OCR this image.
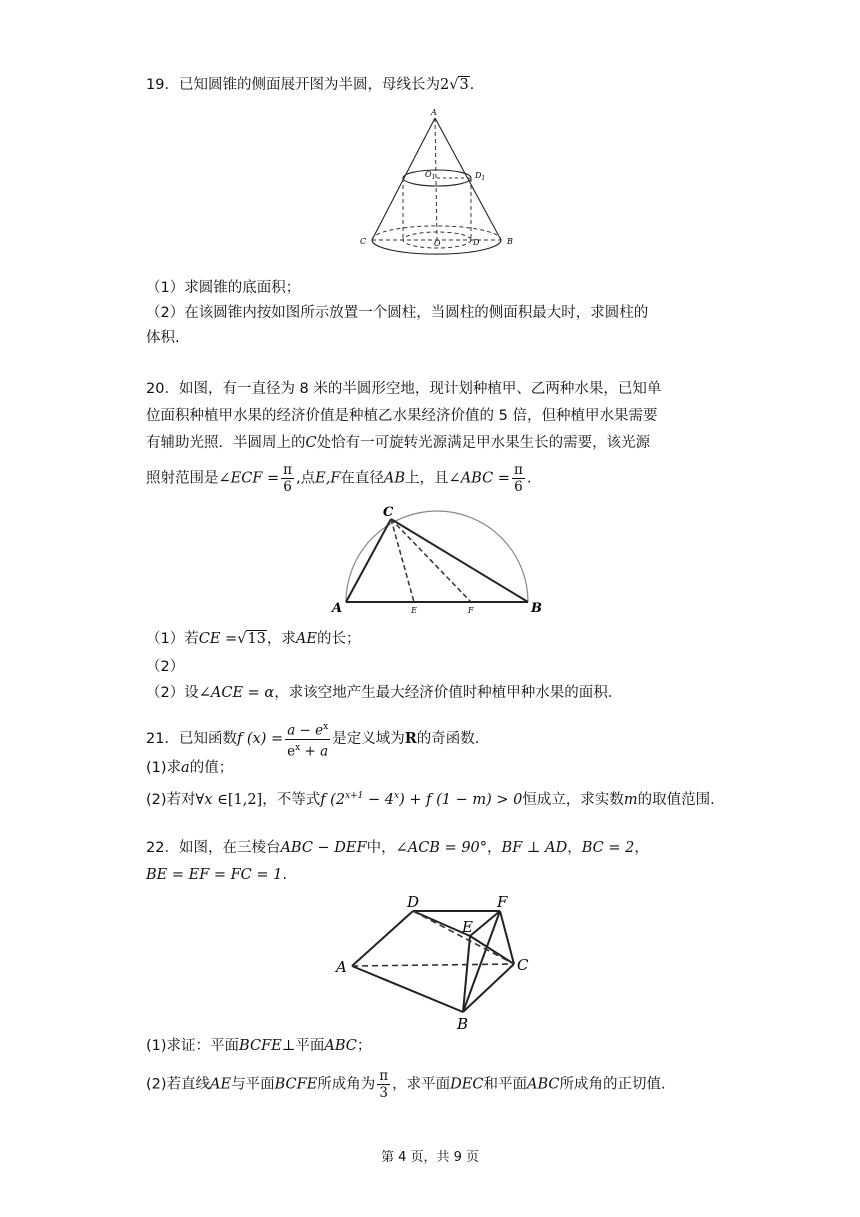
19．已知圆锥的侧面展开图为半圆，母线长为2√3.
A
$O_1$	$D_1$
C	O	D	B
（1）求圆锥的底面积；
（2）在该圆锥内按如图所示放置一个圆柱，当圆柱的侧面积最大时，求圆柱的
体积.
20．如图，有一直径为 8 米的半圆形空地，现计划种植甲、乙两种水果，已知单
位面积种植甲水果的经济价值是种植乙水果经济价值的 5 倍，但种植甲水果需要
有辅助光照．半圆周上的C处恰有一可旋转光源满足甲水果生长的需要，该光源
照射范围是∠ECF = $\frac{\pi}{6}$ ,点E,F在直径AB上，且∠ABC = $\frac{\pi}{6}$ .
C
A	E	F	B
（1）若CE =√13，求AE的长；
（2）
（2）设∠ACE = α，求该空地产生最大经济价值时种植甲种水果的面积．
21．已知函数f $(x) = \frac{a - e^x}{e^x + a}$ 是定义域为R的奇函数.
(1)求a的值；
(2)若对∀x ∈[1,2]，不等式f $(2^{x+1} - 4^x) + f$ (1 − m) > 0恒成立，求实数m的取值范围.
22．如图，在三棱台ABC − DEF中，∠ACB = 90°，BF ⊥ AD，BC = 2，
BE = EF = FC = 1.
D	F
E
A	C
B
(1)求证：平面BCFE⊥平面ABC；
(2)若直线AE与平面BCFE所成角为 $\frac{\pi}{3}$ ，求平面DEC和平面ABC所成角的正切值.
第 4 页，共 9 页
